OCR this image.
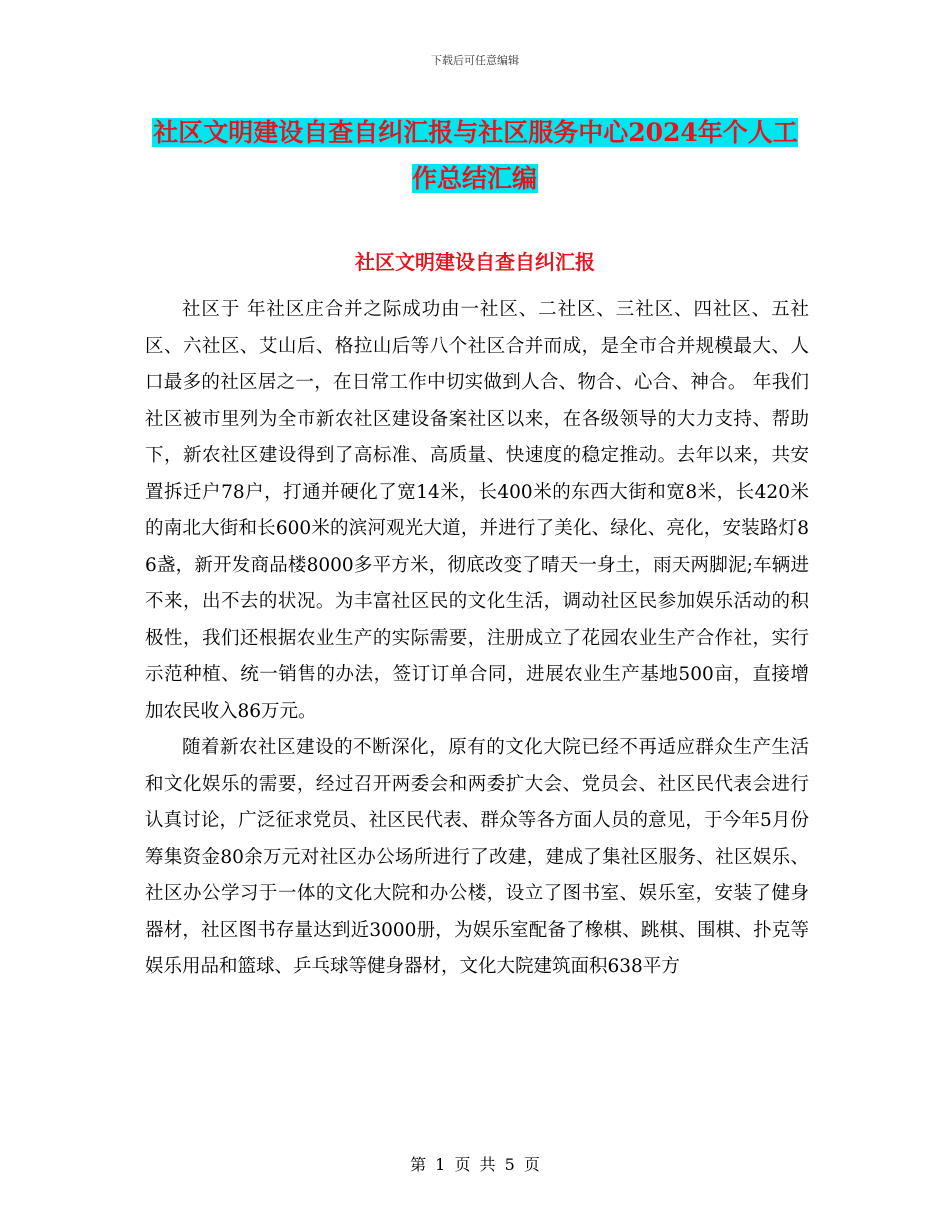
下载后可任意编辑
社区文明建设自查自纠汇报与社区服务中心2024年个人工作总结汇编
社区文明建设自查自纠汇报

社区于 年社区庄合并之际成功由一社区、二社区、三社区、四社区、五社区、六社区、艾山后、格拉山后等八个社区合并而成，是全市合并规模最大、人口最多的社区居之一，在日常工作中切实做到人合、物合、心合、神合。 年我们社区被市里列为全市新农社区建设备案社区以来，在各级领导的大力支持、帮助下，新农社区建设得到了高标准、高质量、快速度的稳定推动。去年以来，共安置拆迁户78户，打通并硬化了宽14米，长400米的东西大街和宽8米，长420米的南北大街和长600米的滨河观光大道，并进行了美化、绿化、亮化，安装路灯86盏，新开发商品楼8000多平方米，彻底改变了晴天一身土，雨天两脚泥;车辆进不来，出不去的状况。为丰富社区民的文化生活，调动社区民参加娱乐活动的积极性，我们还根据农业生产的实际需要，注册成立了花园农业生产合作社，实行示范种植、统一销售的办法，签订订单合同，进展农业生产基地500亩，直接增加农民收入86万元。

随着新农社区建设的不断深化，原有的文化大院已经不再适应群众生产生活和文化娱乐的需要，经过召开两委会和两委扩大会、党员会、社区民代表会进行认真讨论，广泛征求党员、社区民代表、群众等各方面人员的意见，于今年5月份筹集资金80余万元对社区办公场所进行了改建，建成了集社区服务、社区娱乐、社区办公学习于一体的文化大院和办公楼，设立了图书室、娱乐室，安装了健身器材，社区图书存量达到近3000册，为娱乐室配备了橡棋、跳棋、围棋、扑克等娱乐用品和篮球、乒乓球等健身器材，文化大院建筑面积638平方

第 1 页 共 5 页
